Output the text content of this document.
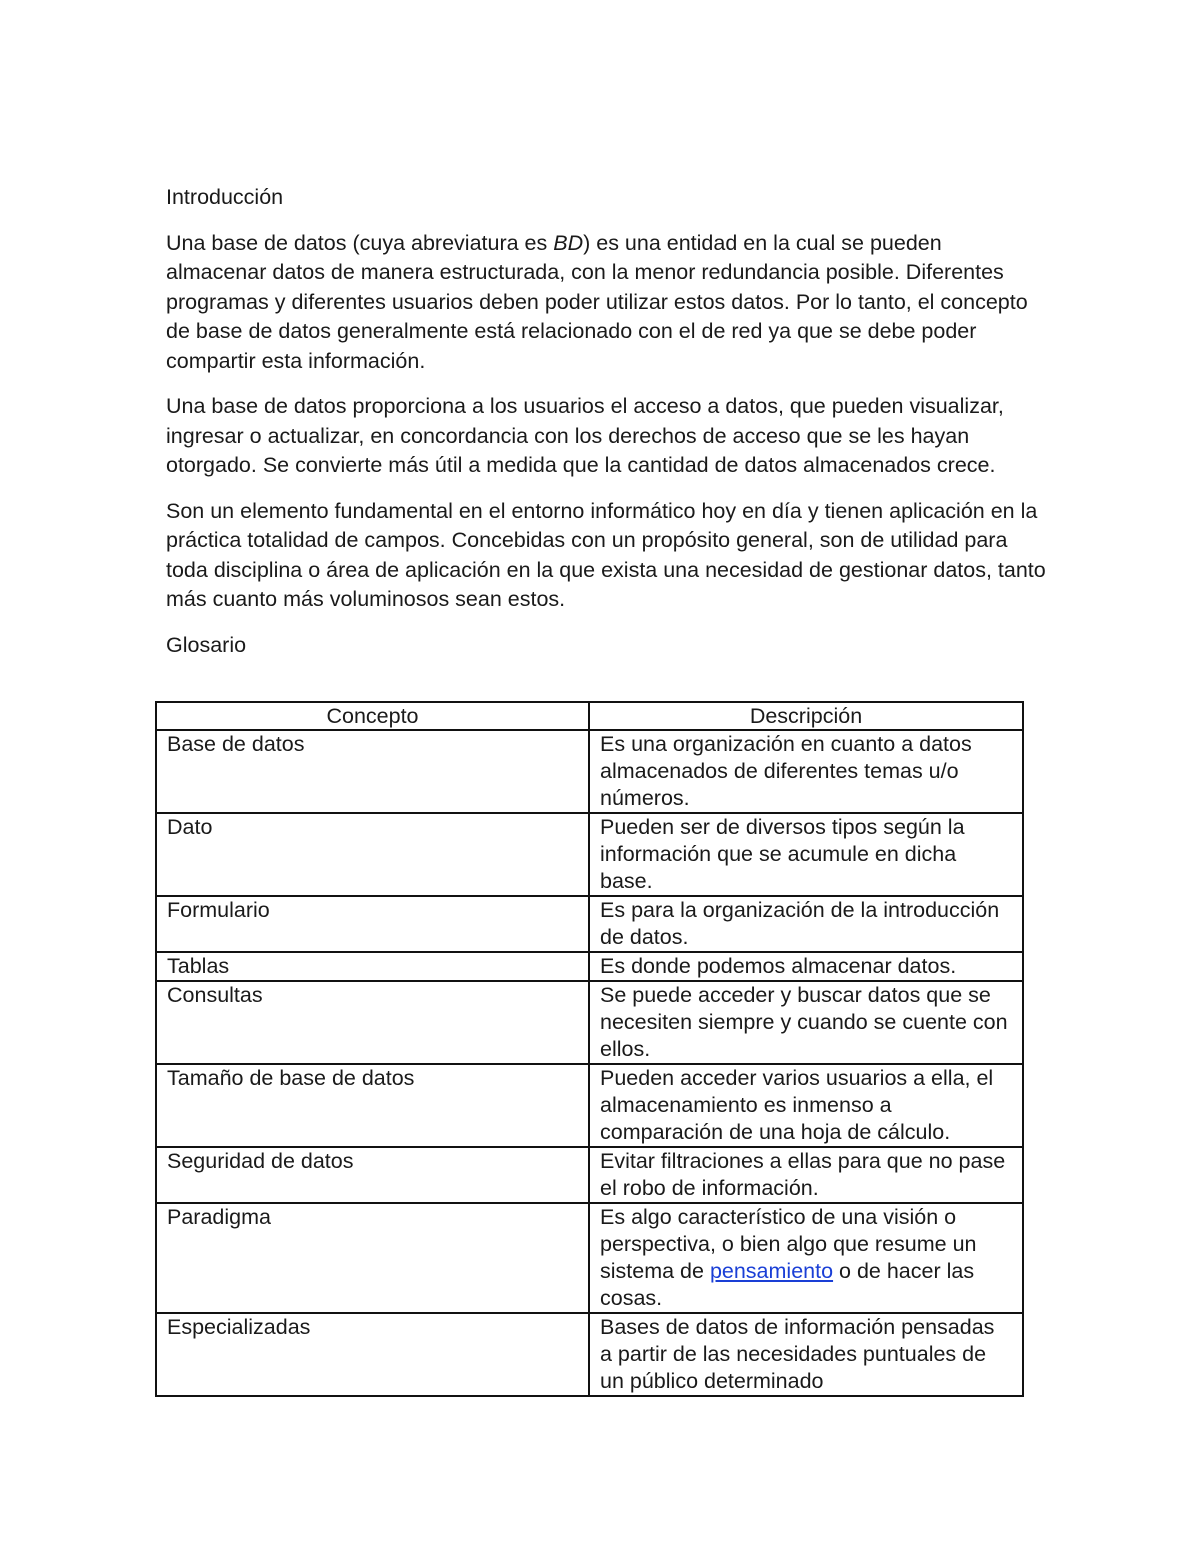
Introducción

Una base de datos (cuya abreviatura es BD) es una entidad en la cual se pueden almacenar datos de manera estructurada, con la menor redundancia posible. Diferentes programas y diferentes usuarios deben poder utilizar estos datos. Por lo tanto, el concepto de base de datos generalmente está relacionado con el de red ya que se debe poder compartir esta información.

Una base de datos proporciona a los usuarios el acceso a datos, que pueden visualizar, ingresar o actualizar, en concordancia con los derechos de acceso que se les hayan otorgado. Se convierte más útil a medida que la cantidad de datos almacenados crece.

Son un elemento fundamental en el entorno informático hoy en día y tienen aplicación en la práctica totalidad de campos. Concebidas con un propósito general, son de utilidad para toda disciplina o área de aplicación en la que exista una necesidad de gestionar datos, tanto más cuanto más voluminosos sean estos.

Glosario

Concepto	Descripción
Base de datos	Es una organización en cuanto a datos almacenados de diferentes temas u/o números.
Dato	Pueden ser de diversos tipos según la información que se acumule en dicha base.
Formulario	Es para la organización de la introducción de datos.
Tablas	Es donde podemos almacenar datos.
Consultas	Se puede acceder y buscar datos que se necesiten siempre y cuando se cuente con ellos.
Tamaño de base de datos	Pueden acceder varios usuarios a ella, el almacenamiento es inmenso a comparación de una hoja de cálculo.
Seguridad de datos	Evitar filtraciones a ellas para que no pase el robo de información.
Paradigma	Es algo característico de una visión o perspectiva, o bien algo que resume un sistema de pensamiento o de hacer las cosas.
Especializadas	Bases de datos de información pensadas a partir de las necesidades puntuales de un público determinado
